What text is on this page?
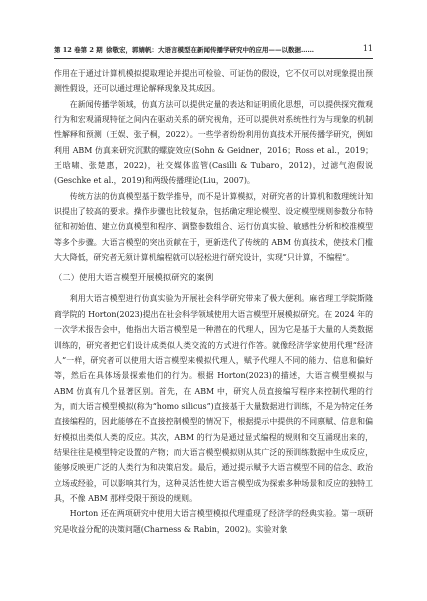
第 12 卷第 2 期 徐敬宏，郭婧帆：大语言模型在新闻传播学研究中的应用——以数据……	11

作用在于通过计算机模拟提取理论并提出可检验、可证伪的假设，它不仅可以对现象提出预测性假设，还可以通过理论解释现象及其成因。

在新闻传播学领域，仿真方法可以提供定量的表达和证明质化思想，可以提供探究微观行为和宏观涌现特征之间内在驱动关系的研究视角，还可以提供对系统性行为与现象的机制性解释和预测（王娱、张子桐，2022）。一些学者纷纷利用仿真技术开展传播学研究，例如利用 ABM 仿真来研究沉默的螺旋效应(Sohn & Geidner，2016；Ross et al.，2019；王晗啸、张楚惠，2022)，社交媒体监管(Casilli & Tubaro，2012)，过滤气泡假说(Geschke et al.，2019)和两级传播理论(Liu，2007)。

传统方法的仿真模型基于数学推导，而不是计算模拟，对研究者的计算机和数理统计知识提出了较高的要求。操作步骤也比较复杂，包括确定理论模型、设定模型规则参数分布特征和初始值、建立仿真模型和程序、调整参数组合、运行仿真实验、敏感性分析和校准模型等多个步骤。大语言模型的突出贡献在于，更新迭代了传统的 ABM 仿真技术，使技术门槛大大降低，研究者无须计算机编程就可以轻松进行研究设计，实现“只计算，不编程”。

（二）使用大语言模型开展模拟研究的案例

利用大语言模型进行仿真实验为开展社会科学研究带来了极大便利。麻省理工学院斯隆商学院的 Horton(2023)提出在社会科学领域使用大语言模型开展模拟研究。在 2024 年的一次学术报告会中，他指出大语言模型是一种潜在的代理人，因为它是基于大量的人类数据训练的，研究者把它们设计成类似人类交流的方式进行作答。就像经济学家使用代理“经济人”一样，研究者可以使用大语言模型来模拟代理人，赋予代理人不同的能力、信息和偏好等，然后在具体场景探索他们的行为。根据 Horton(2023)的描述，大语言模型模拟与 ABM 仿真有几个显著区别。首先，在 ABM 中，研究人员直接编写程序来控制代理的行为，而大语言模型模拟(称为“homo silicus”)直接基于大量数据进行训练，不是为特定任务直接编程的，因此能够在不直接控制模型的情况下，根据提示中提供的不同禀赋、信息和偏好模拟出类似人类的反应。其次，ABM 的行为是通过显式编程的规则和交互涌现出来的，结果往往是模型特定设置的产物；而大语言模型模拟则从其广泛的预训练数据中生成反应，能够反映更广泛的人类行为和决策启发。最后，通过提示赋予大语言模型不同的信念、政治立场或经验，可以影响其行为，这种灵活性使大语言模型成为探索多种场景和反应的独特工具，不像 ABM 那样受限于预设的规则。

Horton 还在两项研究中使用大语言模型模拟代理重现了经济学的经典实验。第一项研究是收益分配的决策问题(Charness & Rabin，2002)。实验对象
